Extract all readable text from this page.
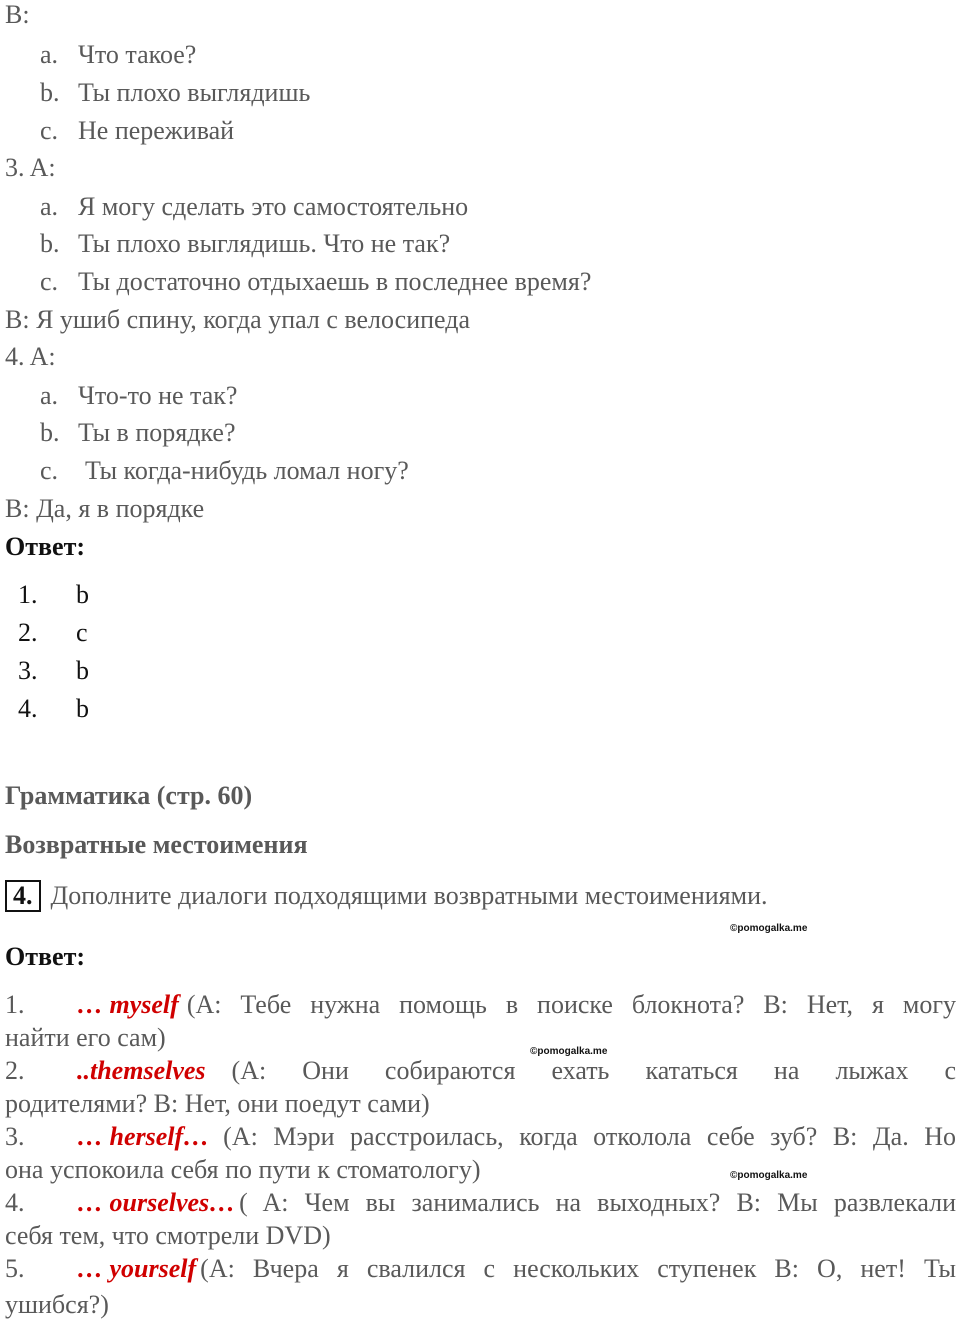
B:
a. Что такое?
b. Ты плохо выглядишь
c. Не переживай
3. A:
a. Я могу сделать это самостоятельно
b. Ты плохо выглядишь. Что не так?
c. Ты достаточно отдыхаешь в последнее время?
B: Я ушиб спину, когда упал с велосипеда
4. A:
a. Что-то не так?
b. Ты в порядке?
c. Ты когда-нибудь ломал ногу?
B: Да, я в порядке
Ответ:
1. b
2. c
3. b
4. b
Грамматика (стр. 60)
Возвратные местоимения
4. Дополните диалоги подходящими возвратными местоимениями.
©pomogalka.me
Ответ:
1. … myself (A: Тебе нужна помощь в поиске блокнота? B: Нет, я могу
найти его сам)	©pomogalka.me
2. ..themselves (A: Они собираются ехать кататься на лыжах с
родителями? B: Нет, они поедут сами)
3. … herself… (A: Мэри расстроилась, когда отколола себе зуб? B: Да. Но
она успокоила себя по пути к стоматологу)	©pomogalka.me
4. … ourselves… ( A: Чем вы занимались на выходных? B: Мы развлекали
себя тем, что смотрели DVD)
5. … yourself (A: Вчера я свалился с нескольких ступенек B: О, нет! Ты
ушибся?)
